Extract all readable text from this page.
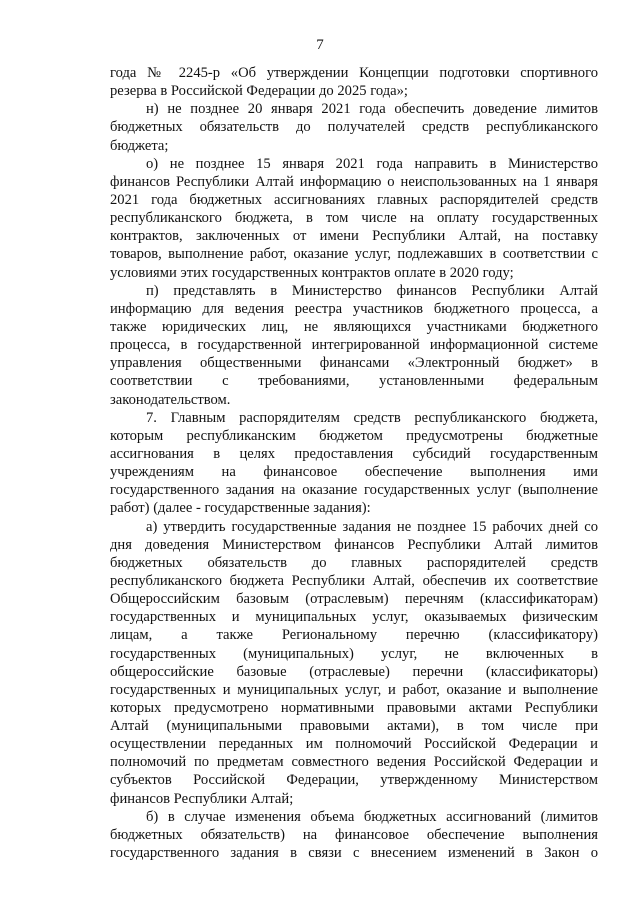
7
года № 2245-р «Об утверждении Концепции подготовки спортивного
резерва в Российской Федерации до 2025 года»;
н) не позднее 20 января 2021 года обеспечить доведение лимитов
бюджетных обязательств до получателей средств республиканского
бюджета;
о) не позднее 15 января 2021 года направить в Министерство
финансов Республики Алтай информацию о неиспользованных на 1 января
2021 года бюджетных ассигнованиях главных распорядителей средств
республиканского бюджета, в том числе на оплату государственных
контрактов, заключенных от имени Республики Алтай, на поставку
товаров, выполнение работ, оказание услуг, подлежавших в соответствии с
условиями этих государственных контрактов оплате в 2020 году;
п) представлять в Министерство финансов Республики Алтай
информацию для ведения реестра участников бюджетного процесса, а
также юридических лиц, не являющихся участниками бюджетного
процесса, в государственной интегрированной информационной системе
управления общественными финансами «Электронный бюджет» в
соответствии с требованиями, установленными федеральным
законодательством.
7. Главным распорядителям средств республиканского бюджета,
которым республиканским бюджетом предусмотрены бюджетные
ассигнования в целях предоставления субсидий государственным
учреждениям на финансовое обеспечение выполнения ими
государственного задания на оказание государственных услуг (выполнение
работ) (далее - государственные задания):
а) утвердить государственные задания не позднее 15 рабочих дней со
дня доведения Министерством финансов Республики Алтай лимитов
бюджетных обязательств до главных распорядителей средств
республиканского бюджета Республики Алтай, обеспечив их соответствие
Общероссийским базовым (отраслевым) перечням (классификаторам)
государственных и муниципальных услуг, оказываемых физическим
лицам, а также Региональному перечню (классификатору)
государственных (муниципальных) услуг, не включенных в
общероссийские базовые (отраслевые) перечни (классификаторы)
государственных и муниципальных услуг, и работ, оказание и выполнение
которых предусмотрено нормативными правовыми актами Республики
Алтай (муниципальными правовыми актами), в том числе при
осуществлении переданных им полномочий Российской Федерации и
полномочий по предметам совместного ведения Российской Федерации и
субъектов Российской Федерации, утвержденному Министерством
финансов Республики Алтай;
б) в случае изменения объема бюджетных ассигнований (лимитов
бюджетных обязательств) на финансовое обеспечение выполнения
государственного задания в связи с внесением изменений в Закон о
